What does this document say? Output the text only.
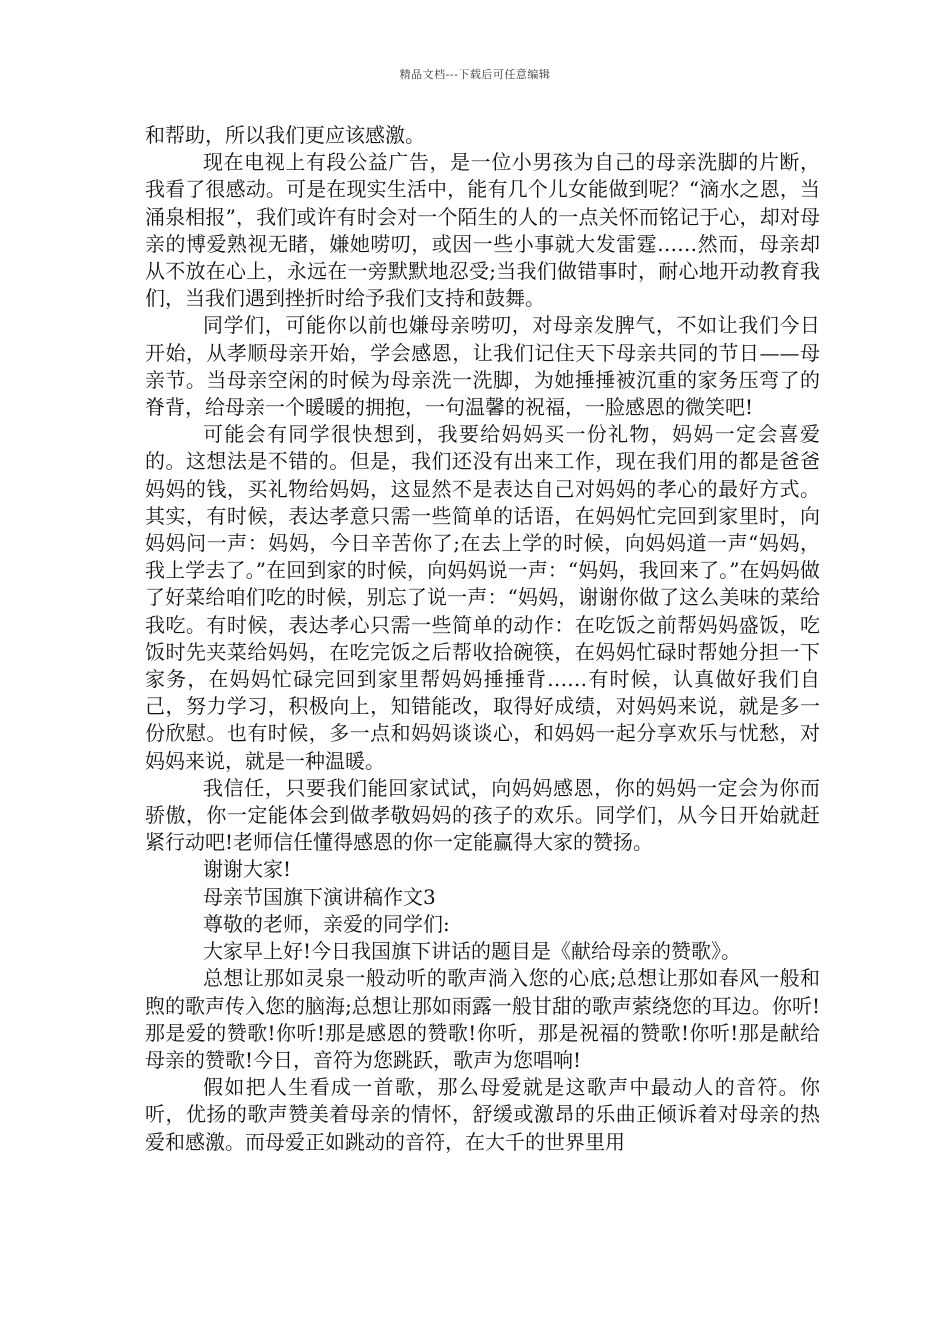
精品文档---下载后可任意编辑

和帮助，所以我们更应该感激。

现在电视上有段公益广告，是一位小男孩为自己的母亲洗脚的片断，我看了很感动。可是在现实生活中，能有几个儿女能做到呢？“滴水之恩，当涌泉相报”，我们或许有时会对一个陌生的人的一点关怀而铭记于心，却对母亲的博爱熟视无睹，嫌她唠叨，或因一些小事就大发雷霆……然而，母亲却从不放在心上，永远在一旁默默地忍受;当我们做错事时，耐心地开动教育我们，当我们遇到挫折时给予我们支持和鼓舞。

同学们，可能你以前也嫌母亲唠叨，对母亲发脾气，不如让我们今日开始，从孝顺母亲开始，学会感恩，让我们记住天下母亲共同的节日——母亲节。当母亲空闲的时候为母亲洗一洗脚，为她捶捶被沉重的家务压弯了的脊背，给母亲一个暖暖的拥抱，一句温馨的祝福，一脸感恩的微笑吧!

可能会有同学很快想到，我要给妈妈买一份礼物，妈妈一定会喜爱的。这想法是不错的。但是，我们还没有出来工作，现在我们用的都是爸爸妈妈的钱，买礼物给妈妈，这显然不是表达自己对妈妈的孝心的最好方式。其实，有时候，表达孝意只需一些简单的话语，在妈妈忙完回到家里时，向妈妈问一声：妈妈，今日辛苦你了;在去上学的时候，向妈妈道一声“妈妈，我上学去了。”在回到家的时候，向妈妈说一声：“妈妈，我回来了。”在妈妈做了好菜给咱们吃的时候，别忘了说一声：“妈妈，谢谢你做了这么美味的菜给我吃。有时候，表达孝心只需一些简单的动作：在吃饭之前帮妈妈盛饭，吃饭时先夹菜给妈妈，在吃完饭之后帮收拾碗筷，在妈妈忙碌时帮她分担一下家务，在妈妈忙碌完回到家里帮妈妈捶捶背……有时候，认真做好我们自己，努力学习，积极向上，知错能改，取得好成绩，对妈妈来说，就是多一份欣慰。也有时候，多一点和妈妈谈谈心，和妈妈一起分享欢乐与忧愁，对妈妈来说，就是一种温暖。

我信任，只要我们能回家试试，向妈妈感恩，你的妈妈一定会为你而骄傲，你一定能体会到做孝敬妈妈的孩子的欢乐。同学们，从今日开始就赶紧行动吧!老师信任懂得感恩的你一定能赢得大家的赞扬。

谢谢大家!

母亲节国旗下演讲稿作文3

尊敬的老师，亲爱的同学们:

大家早上好!今日我国旗下讲话的题目是《献给母亲的赞歌》。

总想让那如灵泉一般动听的歌声淌入您的心底;总想让那如春风一般和煦的歌声传入您的脑海;总想让那如雨露一般甘甜的歌声萦绕您的耳边。你听!那是爱的赞歌!你听!那是感恩的赞歌!你听，那是祝福的赞歌!你听!那是献给母亲的赞歌!今日，音符为您跳跃，歌声为您唱响!

假如把人生看成一首歌，那么母爱就是这歌声中最动人的音符。你听，优扬的歌声赞美着母亲的情怀，舒缓或激昂的乐曲正倾诉着对母亲的热爱和感激。而母爱正如跳动的音符，在大千的世界里用
